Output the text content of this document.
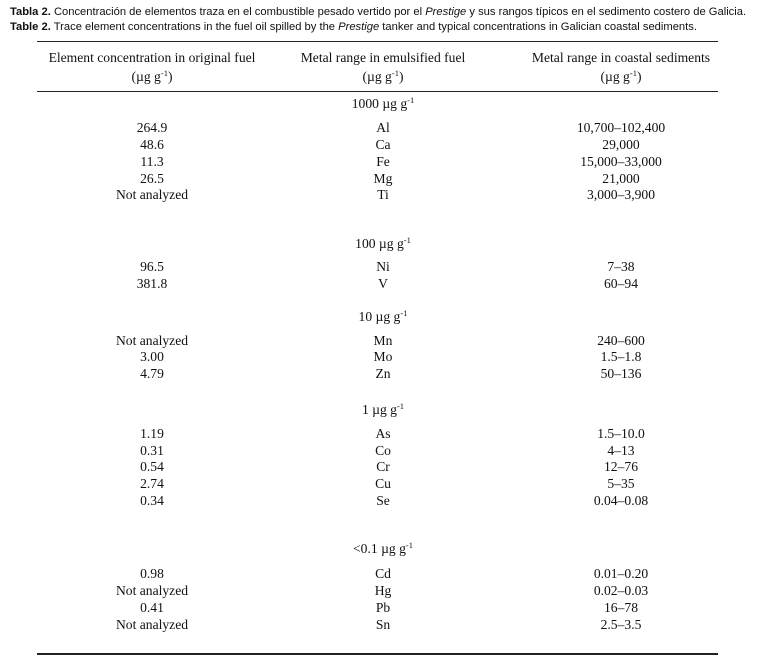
Tabla 2. Concentración de elementos traza en el combustible pesado vertido por el Prestige y sus rangos típicos en el sedimento costero de Galicia.
Table 2. Trace element concentrations in the fuel oil spilled by the Prestige tanker and typical concentrations in Galician coastal sediments.
Element concentration in original fuel
(µg $g^{-1}$)
Metal range in emulsified fuel
(µg $g^{-1}$)
Metal range in coastal sediments
(µg $g^{-1}$)
1000 µg $g^{-1}$
264.9	Al	10,700–102,400
48.6	Ca	29,000
11.3	Fe	15,000–33,000
26.5	Mg	21,000
Not analyzed	Ti	3,000–3,900
100 µg $g^{-1}$
96.5	Ni	7–38
381.8	V	60–94
10 µg $g^{-1}$
Not analyzed	Mn	240–600
3.00	Mo	1.5–1.8
4.79	Zn	50–136
1 µg $g^{-1}$
1.19	As	1.5–10.0
0.31	Co	4–13
0.54	Cr	12–76
2.74	Cu	5–35
0.34	Se	0.04–0.08
<0.1 µg $g^{-1}$
0.98	Cd	0.01–0.20
Not analyzed	Hg	0.02–0.03
0.41	Pb	16–78
Not analyzed	Sn	2.5–3.5
